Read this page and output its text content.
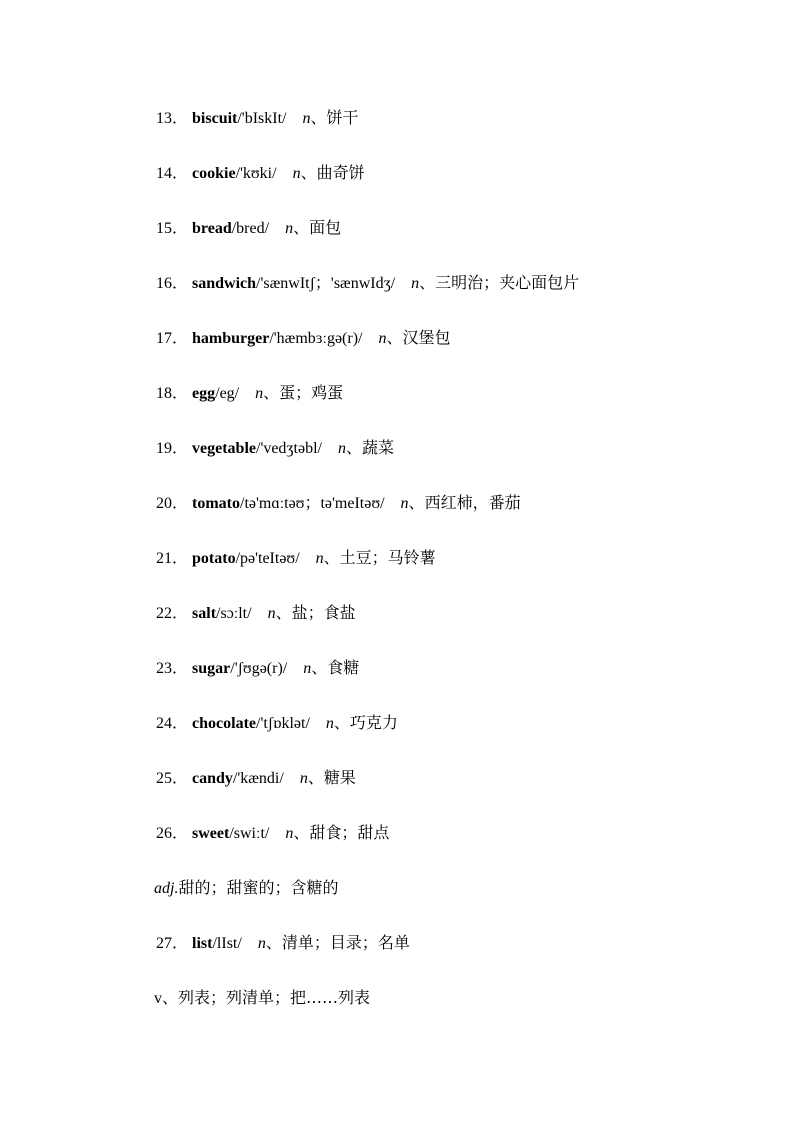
13． biscuit/'bIskIt/ n、饼干
14． cookie/'kʊki/ n、曲奇饼
15． bread/bred/ n、面包
16． sandwich/'sænwItʃ；'sænwIdʒ/ n、三明治；夹心面包片
17． hamburger/'hæmbɜːgə(r)/ n、汉堡包
18． egg/eg/ n、蛋；鸡蛋
19． vegetable/'vedʒtəbl/ n、蔬菜
20． tomato/tə'mɑːtəʊ；tə'meItəʊ/ n、西红柿，番茄
21． potato/pə'teItəʊ/ n、土豆；马铃薯
22． salt/sɔːlt/ n、盐；食盐
23． sugar/'ʃʊgə(r)/ n、食糖
24． chocolate/'tʃɒklət/ n、巧克力
25． candy/'kændi/ n、糖果
26． sweet/swiːt/ n、甜食；甜点
adj.甜的；甜蜜的；含糖的
27． list/lIst/ n、清单；目录；名单
v、列表；列清单；把……列表
